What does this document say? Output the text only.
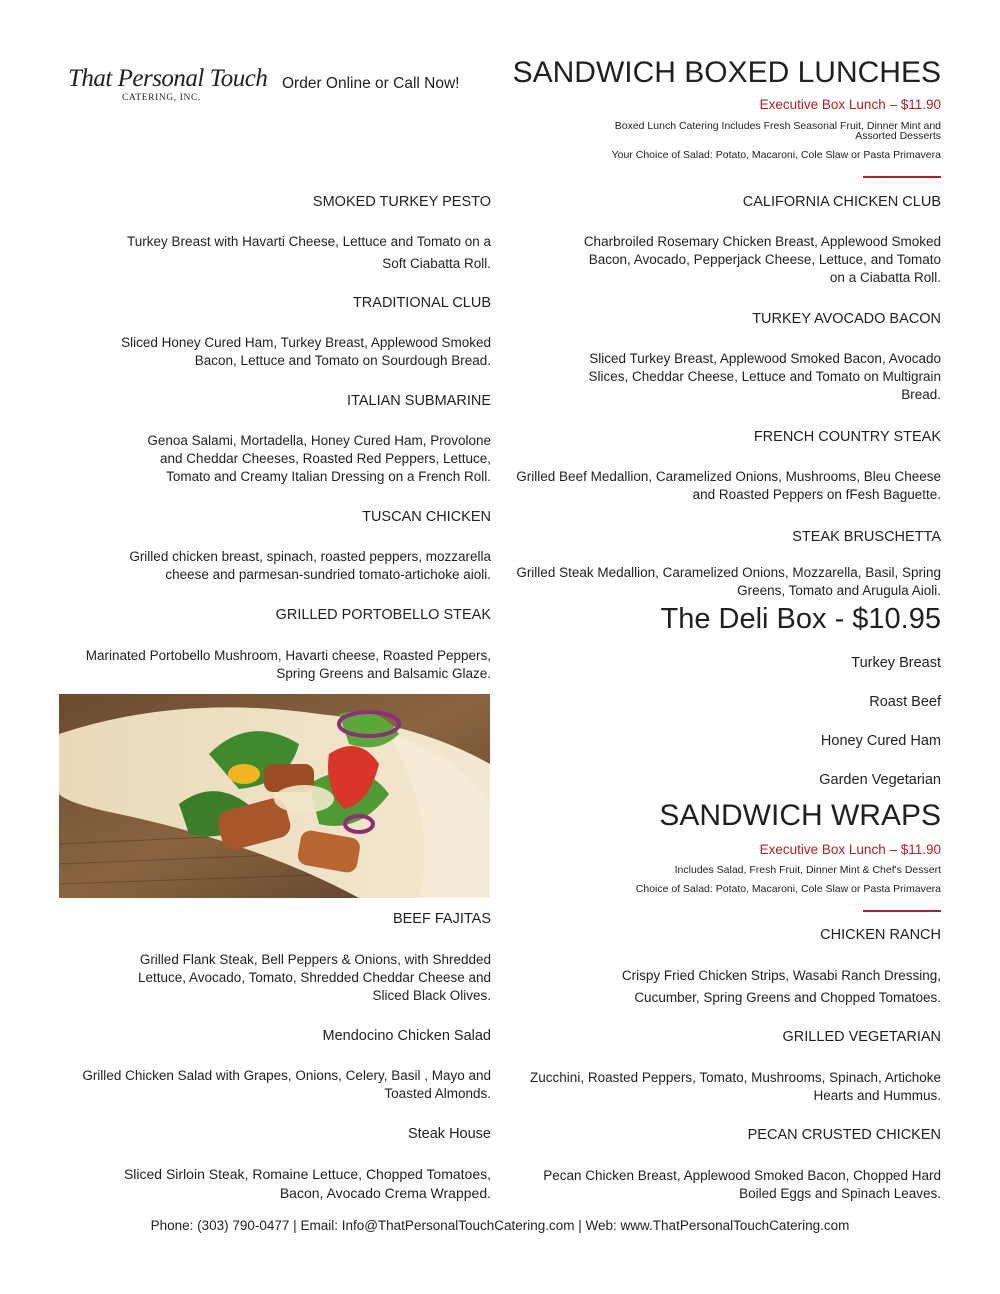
That Personal Touch
CATERING, INC.
Order Online or Call Now! SANDWICH BOXED LUNCHES
Executive Box Lunch – $11.90
Boxed Lunch Catering Includes Fresh Seasonal Fruit, Dinner Mint and
Assorted Desserts
Your Choice of Salad: Potato, Macaroni, Cole Slaw or Pasta Primavera
SMOKED TURKEY PESTO
Turkey Breast with Havarti Cheese, Lettuce and Tomato on a
Soft Ciabatta Roll.
TRADITIONAL CLUB
Sliced Honey Cured Ham, Turkey Breast, Applewood Smoked
Bacon, Lettuce and Tomato on Sourdough Bread.
ITALIAN SUBMARINE
Genoa Salami, Mortadella, Honey Cured Ham, Provolone
and Cheddar Cheeses, Roasted Red Peppers, Lettuce,
Tomato and Creamy Italian Dressing on a French Roll.
TUSCAN CHICKEN
Grilled chicken breast, spinach, roasted peppers, mozzarella
cheese and parmesan-sundried tomato-artichoke aioli.
GRILLED PORTOBELLO STEAK
Marinated Portobello Mushroom, Havarti cheese, Roasted Peppers,
Spring Greens and Balsamic Glaze.
CALIFORNIA CHICKEN CLUB
Charbroiled Rosemary Chicken Breast, Applewood Smoked
Bacon, Avocado, Pepperjack Cheese, Lettuce, and Tomato
on a Ciabatta Roll.
TURKEY AVOCADO BACON
Sliced Turkey Breast, Applewood Smoked Bacon, Avocado
Slices, Cheddar Cheese, Lettuce and Tomato on Multigrain
Bread.
FRENCH COUNTRY STEAK
Grilled Beef Medallion, Caramelized Onions, Mushrooms, Bleu Cheese
and Roasted Peppers on fFesh Baguette.
STEAK BRUSCHETTA
Grilled Steak Medallion, Caramelized Onions, Mozzarella, Basil, Spring
Greens, Tomato and Arugula Aioli.
The Deli Box - $10.95
Turkey Breast
Roast Beef
Honey Cured Ham
Garden Vegetarian
SANDWICH WRAPS
Executive Box Lunch – $11.90
Includes Salad, Fresh Fruit, Dinner Mint & Chef's Dessert
Choice of Salad: Potato, Macaroni, Cole Slaw or Pasta Primavera
CHICKEN RANCH
Crispy Fried Chicken Strips, Wasabi Ranch Dressing,
Cucumber, Spring Greens and Chopped Tomatoes.
GRILLED VEGETARIAN
Zucchini, Roasted Peppers, Tomato, Mushrooms, Spinach, Artichoke
Hearts and Hummus.
PECAN CRUSTED CHICKEN
Pecan Chicken Breast, Applewood Smoked Bacon, Chopped Hard
Boiled Eggs and Spinach Leaves.
BEEF FAJITAS
Grilled Flank Steak, Bell Peppers & Onions, with Shredded
Lettuce, Avocado, Tomato, Shredded Cheddar Cheese and
Sliced Black Olives.
Mendocino Chicken Salad
Grilled Chicken Salad with Grapes, Onions, Celery, Basil , Mayo and
Toasted Almonds.
Steak House
Sliced Sirloin Steak, Romaine Lettuce, Chopped Tomatoes,
Bacon, Avocado Crema Wrapped.
Phone: (303) 790-0477 | Email: Info@ThatPersonalTouchCatering.com | Web: www.ThatPersonalTouchCatering.com
